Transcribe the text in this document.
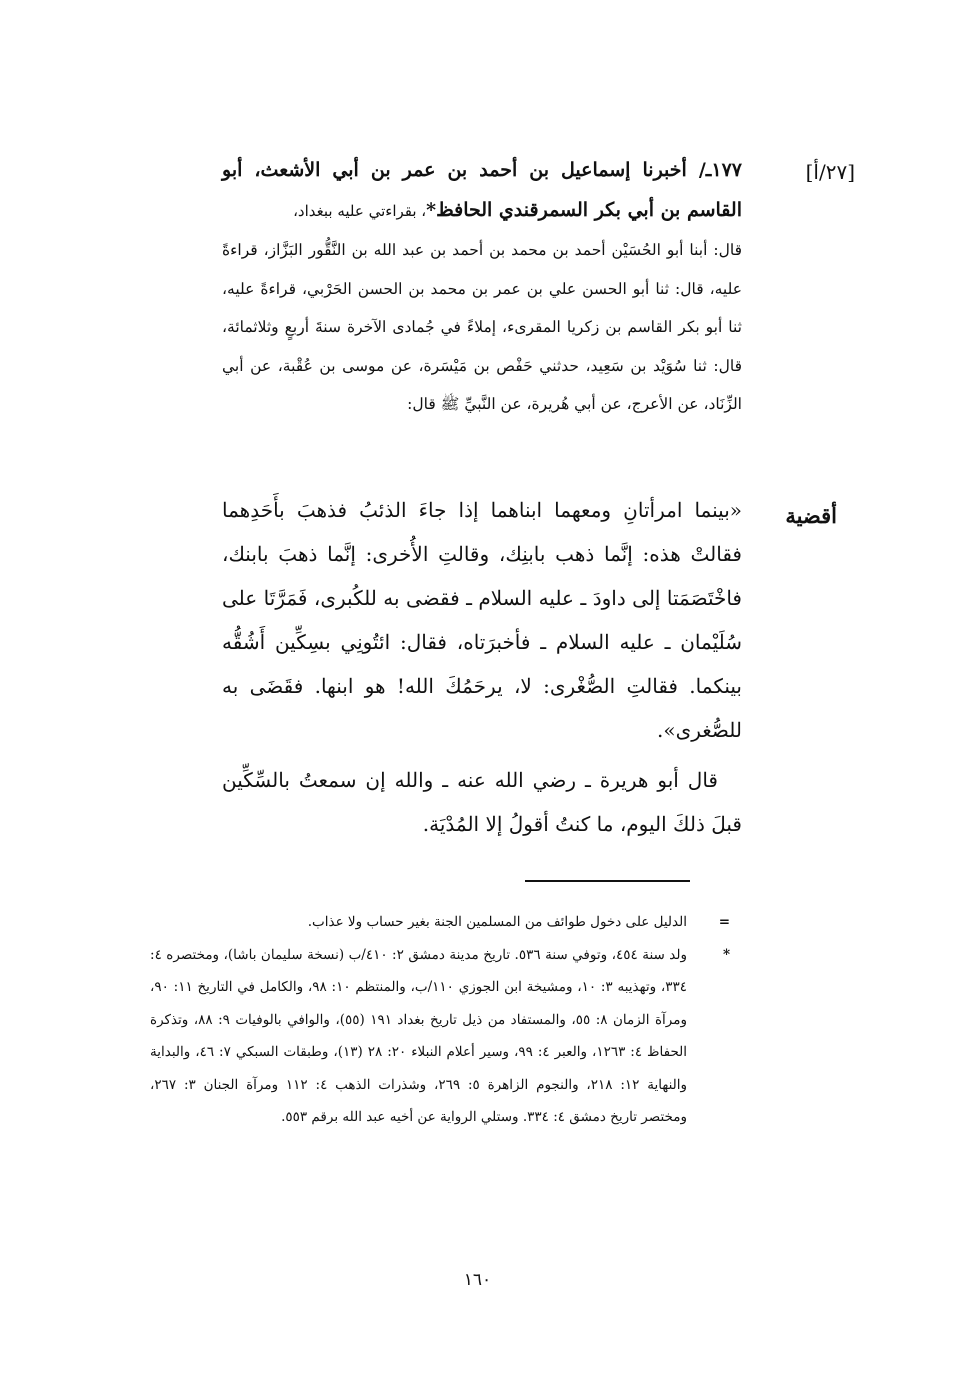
[٢٧/أ]
أقضية
١٧٧ـ/ أخبرنا إسماعيل بن أحمد بن عمر بن أبي الأشعث، أبو القاسم بن أبي بكر السمرقندي الحافظ*، بقراءتي عليه ببغداد،
قال: أبنا أبو الحُسَيْن أحمد بن محمد بن أحمد بن عبد الله بن النَّقُّور البَزَّاز، قراءةً عليه، قال: ثنا أبو الحسن علي بن عمر بن محمد بن الحسن الحَرْبي، قراءةً عليه، ثنا أبو بكر القاسم بن زكريا المقرىء، إملاءً في جُمادى الآخرة سنةَ أربعٍ وثلاثمائة، قال: ثنا سُوَيْد بن سَعِيد، حدثني حَفْص بن مَيْسَرة، عن موسى بن عُقْبة، عن أبي الزِّنَاد، عن الأعرج، عن أبي هُريرة، عن النَّبيِّ ﷺ قال:

«بينما امرأتانِ ومعهما ابناهما إذا جاءَ الذئبُ فذهبَ بأَحَدِهما فقالتْ هذه: إنَّما ذهب بابنِك، وقالتِ الأُخرى: إنَّما ذهبَ بابنك، فاخْتَصَمَتا إلى داودَ ـ عليه السلام ـ فقضى به للكُبرى، فَمَرَّتَا على سُلَيْمان ـ عليه السلام ـ فأخبرَتاه، فقال: ائتُونِي بسِكِّين أَشُقُّه بينكما. فقالتِ الصُّغْرى: لا، يرحَمُكَ الله! هو ابنها. فقَضَى به للصُّغرى».

قال أبو هريرة ـ رضي الله عنه ـ والله إن سمعتُ بالسِّكِّين قبلَ ذلكَ اليوم، ما كنتُ أقولُ إلا المُدْيَة.

=
الدليل على دخول طوائف من المسلمين الجنة بغير حساب ولا عذاب.
*
ولد سنة ٤٥٤، وتوفي سنة ٥٣٦. تاريخ مدينة دمشق ٢: ٤١٠/ب (نسخة سليمان باشا)، ومختصره ٤: ٣٣٤، وتهذيبه ٣: ١٠، ومشيخة ابن الجوزي ١١٠/ب، والمنتظم ١٠: ٩٨، والكامل في التاريخ ١١: ٩٠، ومرآة الزمان ٨: ٥٥، والمستفاد من ذيل تاريخ بغداد ١٩١ (٥٥)، والوافي بالوفيات ٩: ٨٨، وتذكرة الحفاظ ٤: ١٢٦٣، والعبر ٤: ٩٩، وسير أعلام النبلاء ٢٠: ٢٨ (١٣)، وطبقات السبكي ٧: ٤٦، والبداية والنهاية ١٢: ٢١٨، والنجوم الزاهرة ٥: ٢٦٩، وشذرات الذهب ٤: ١١٢ ومرآة الجنان ٣: ٢٦٧، ومختصر تاريخ دمشق ٤: ٣٣٤. وستلي الرواية عن أخيه عبد الله برقم ٥٥٣.
١٦٠
